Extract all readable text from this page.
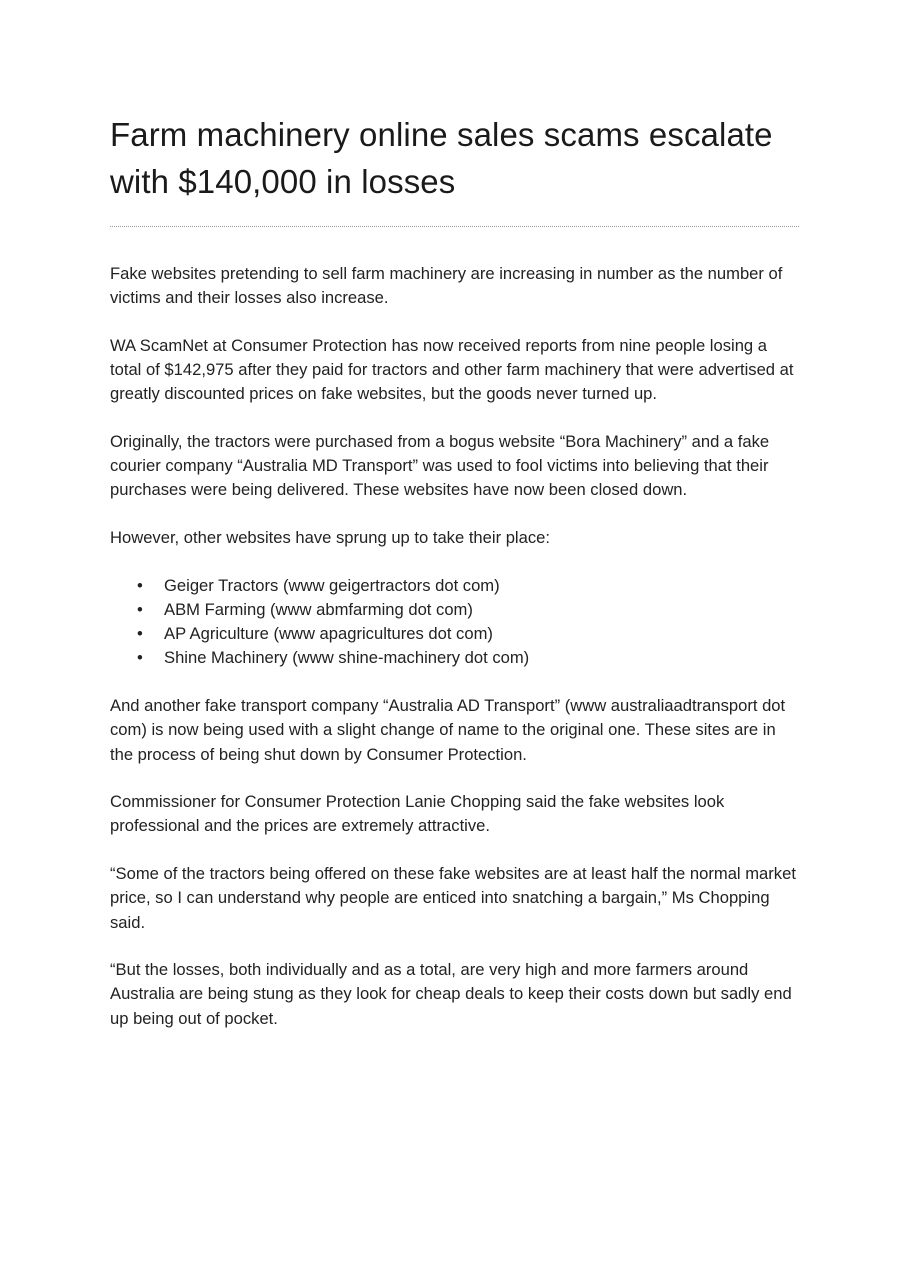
Farm machinery online sales scams escalate
with $140,000 in losses

Fake websites pretending to sell farm machinery are increasing in number as the number of victims and their losses also increase.

WA ScamNet at Consumer Protection has now received reports from nine people losing a total of $142,975 after they paid for tractors and other farm machinery that were advertised at greatly discounted prices on fake websites, but the goods never turned up.

Originally, the tractors were purchased from a bogus website “Bora Machinery” and a fake courier company “Australia MD Transport” was used to fool victims into believing that their purchases were being delivered. These websites have now been closed down.

However, other websites have sprung up to take their place:

• Geiger Tractors (www geigertractors dot com)
• ABM Farming (www abmfarming dot com)
• AP Agriculture (www apagricultures dot com)
• Shine Machinery (www shine-machinery dot com)

And another fake transport company “Australia AD Transport” (www australiaadtransport dot com) is now being used with a slight change of name to the original one. These sites are in the process of being shut down by Consumer Protection.

Commissioner for Consumer Protection Lanie Chopping said the fake websites look professional and the prices are extremely attractive.

“Some of the tractors being offered on these fake websites are at least half the normal market price, so I can understand why people are enticed into snatching a bargain,” Ms Chopping said.

“But the losses, both individually and as a total, are very high and more farmers around Australia are being stung as they look for cheap deals to keep their costs down but sadly end up being out of pocket.
